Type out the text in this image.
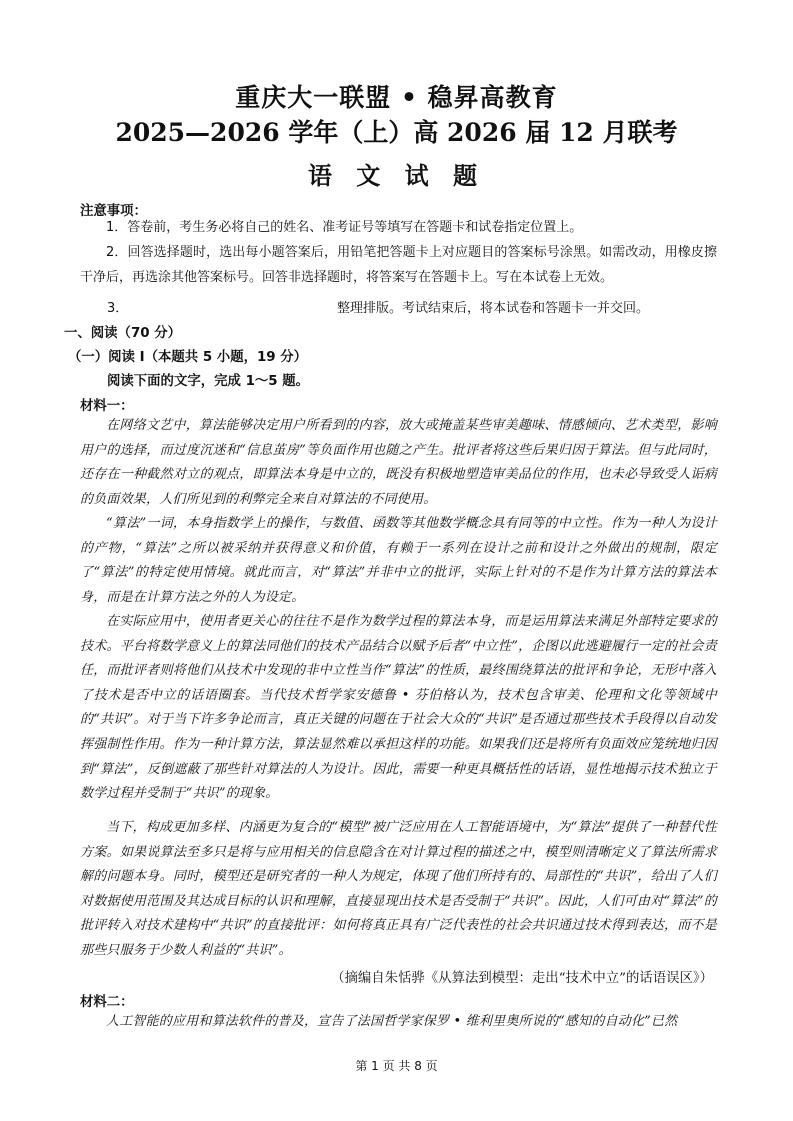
重庆大一联盟 • 稳昇高教育
2025—2026 学年（上）高 2026 届 12 月联考
语 文 试 题
注意事项：

1．答卷前，考生务必将自己的姓名、准考证号等填写在答题卡和试卷指定位置上。

2．回答选择题时，选出每小题答案后，用铅笔把答题卡上对应题目的答案标号涂黑。如需改动，用橡皮擦干净后，再选涂其他答案标号。回答非选择题时，将答案写在答题卡上。写在本试卷上无效。

3．	整理排版。考试结束后，将本试卷和答题卡一并交回。
一、阅读（70 分）
（一）阅读 I（本题共 5 小题，19 分）
阅读下面的文字，完成 1～5 题。
材料一：

在网络文艺中，算法能够决定用户所看到的内容，放大或掩盖某些审美趣味、情感倾向、艺术类型，影响用户的选择，而过度沉迷和“信息茧房”等负面作用也随之产生。批评者将这些后果归因于算法。但与此同时，还存在一种截然对立的观点，即算法本身是中立的，既没有积极地塑造审美品位的作用，也未必导致受人诟病的负面效果，人们所见到的利弊完全来自对算法的不同使用。

“算法”一词，本身指数学上的操作，与数值、函数等其他数学概念具有同等的中立性。作为一种人为设计的产物，“算法”之所以被采纳并获得意义和价值，有赖于一系列在设计之前和设计之外做出的规制，限定了“算法”的特定使用情境。就此而言，对“算法”并非中立的批评，实际上针对的不是作为计算方法的算法本身，而是在计算方法之外的人为设定。

在实际应用中，使用者更关心的往往不是作为数学过程的算法本身，而是运用算法来满足外部特定要求的技术。平台将数学意义上的算法同他们的技术产品结合以赋予后者“中立性”，企图以此逃避履行一定的社会责任，而批评者则将他们从技术中发现的非中立性当作“算法”的性质，最终围绕算法的批评和争论，无形中落入了技术是否中立的话语圈套。当代技术哲学家安德鲁 • 芬伯格认为，技术包含审美、伦理和文化等领域中的“共识”。对于当下许多争论而言，真正关键的问题在于社会大众的“共识”是否通过那些技术手段得以自动发挥强制性作用。作为一种计算方法，算法显然难以承担这样的功能。如果我们还是将所有负面效应笼统地归因到“算法”，反倒遮蔽了那些针对算法的人为设计。因此，需要一种更具概括性的话语，显性地揭示技术独立于数学过程并受制于“共识”的现象。

当下，构成更加多样、内涵更为复合的“模型”被广泛应用在人工智能语境中，为“算法”提供了一种替代性方案。如果说算法至多只是将与应用相关的信息隐含在对计算过程的描述之中，模型则清晰定义了算法所需求解的问题本身。同时，模型还是研究者的一种人为规定，体现了他们所持有的、局部性的“共识”，给出了人们对数据使用范围及其达成目标的认识和理解，直接显现出技术是否受制于“共识”。因此，人们可由对“算法”的批评转入对技术建构中“共识”的直接批评：如何将真正具有广泛代表性的社会共识通过技术得到表达，而不是那些只服务于少数人利益的“共识”。

（摘编自朱恬骅《从算法到模型：走出“技术中立”的话语误区》）
材料二：

人工智能的应用和算法软件的普及，宣告了法国哲学家保罗 • 维利里奥所说的“感知的自动化”已然

第 1 页 共 8 页
